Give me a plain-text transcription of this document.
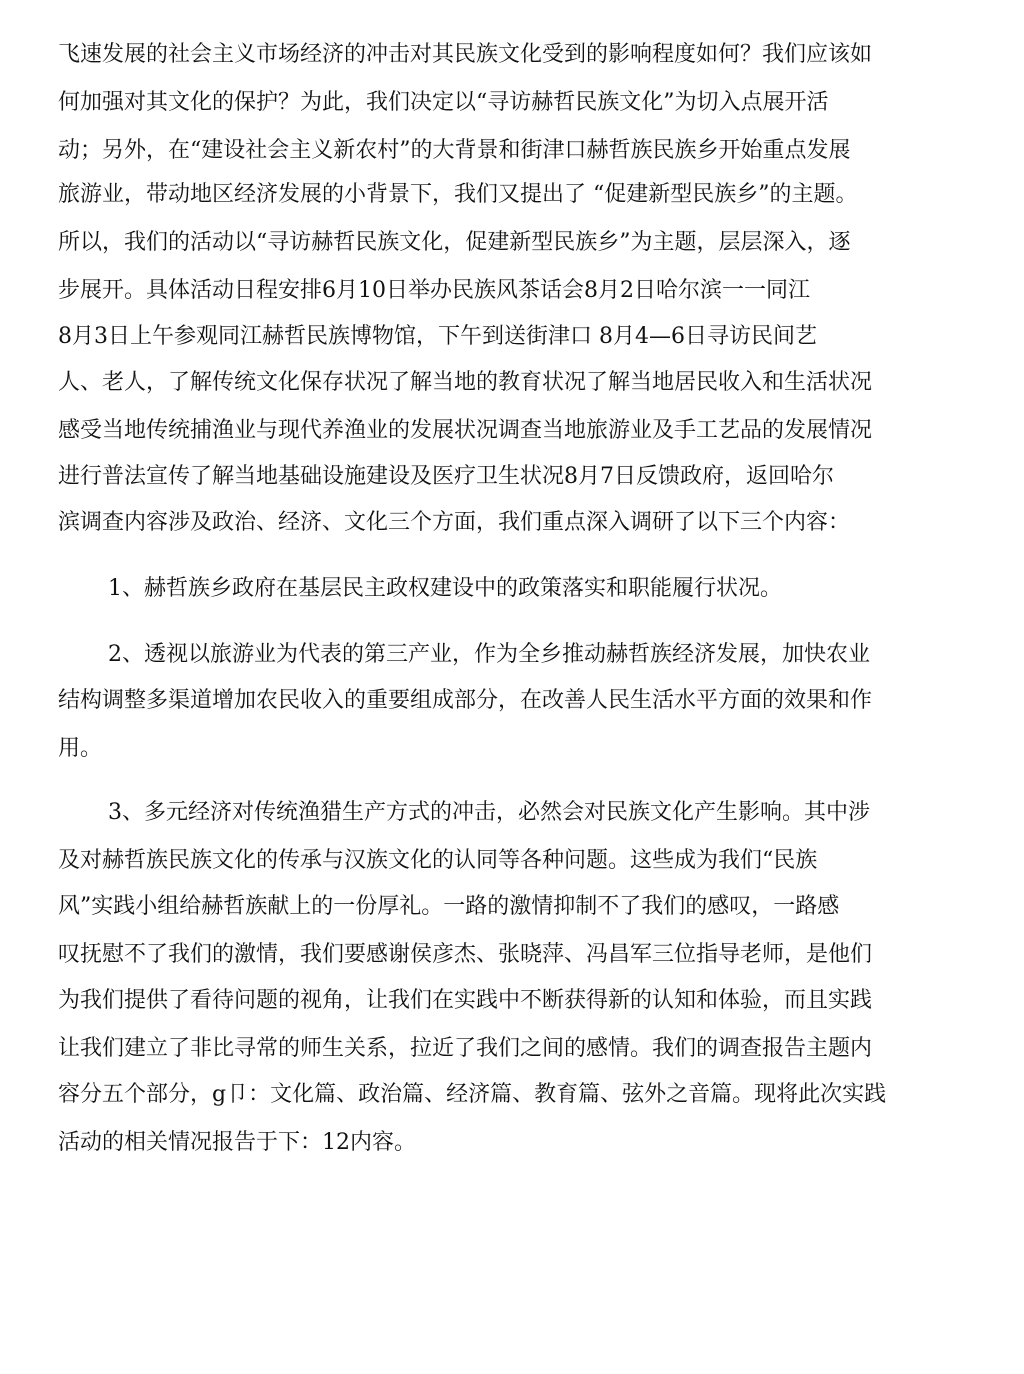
飞速发展的社会主义市场经济的冲击对其民族文化受到的影响程度如何？我们应该如
何加强对其文化的保护？为此，我们决定以“寻访赫哲民族文化”为切入点展开活
动；另外，在“建设社会主义新农村”的大背景和街津口赫哲族民族乡开始重点发展
旅游业，带动地区经济发展的小背景下，我们又提出了 “促建新型民族乡”的主题。
所以，我们的活动以“寻访赫哲民族文化，促建新型民族乡”为主题，层层深入，逐
步展开。具体活动日程安排6月10日举办民族风茶话会8月2日哈尔滨一一同江
8月3日上午参观同江赫哲民族博物馆，下午到送街津口 8月4—6日寻访民间艺
人、老人，了解传统文化保存状况了解当地的教育状况了解当地居民收入和生活状况
感受当地传统捕渔业与现代养渔业的发展状况调查当地旅游业及手工艺品的发展情况
进行普法宣传了解当地基础设施建设及医疗卫生状况8月7日反馈政府，返回哈尔
滨调查内容涉及政治、经济、文化三个方面，我们重点深入调研了以下三个内容：
1、赫哲族乡政府在基层民主政权建设中的政策落实和职能履行状况。
2、透视以旅游业为代表的第三产业，作为全乡推动赫哲族经济发展，加快农业
结构调整多渠道增加农民收入的重要组成部分，在改善人民生活水平方面的效果和作
用。
3、多元经济对传统渔猎生产方式的冲击，必然会对民族文化产生影响。其中涉
及对赫哲族民族文化的传承与汉族文化的认同等各种问题。这些成为我们“民族
风”实践小组给赫哲族献上的一份厚礼。一路的激情抑制不了我们的感叹，一路感
叹抚慰不了我们的激情，我们要感谢侯彦杰、张晓萍、冯昌军三位指导老师，是他们
为我们提供了看待问题的视角，让我们在实践中不断获得新的认知和体验，而且实践
让我们建立了非比寻常的师生关系，拉近了我们之间的感情。我们的调查报告主题内
容分五个部分，g卩：文化篇、政治篇、经济篇、教育篇、弦外之音篇。现将此次实践
活动的相关情况报告于下：12内容。
